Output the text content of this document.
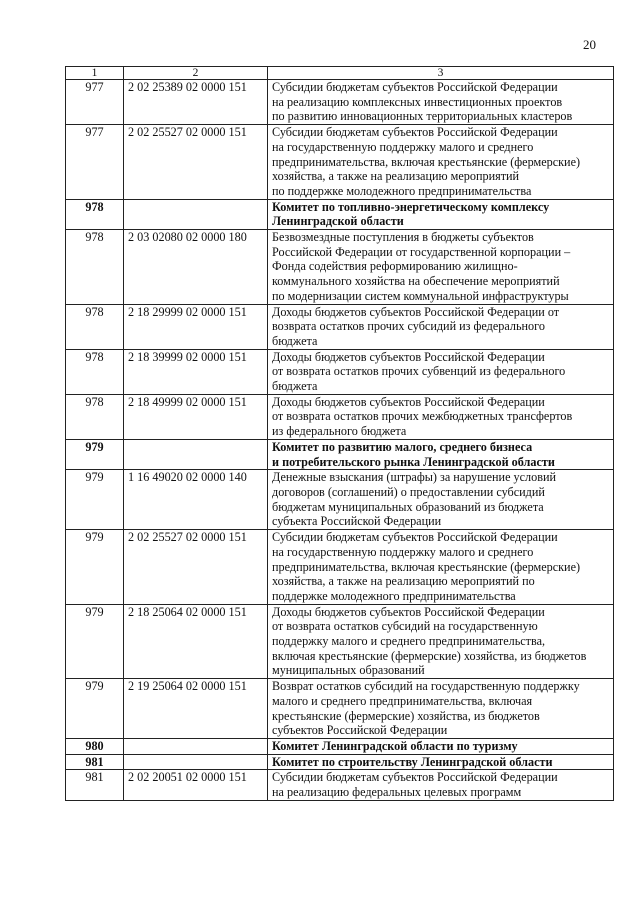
20
1	2	3
977	2 02 25389 02 0000 151	Субсидии бюджетам субъектов Российской Федерации
на реализацию комплексных инвестиционных проектов
по развитию инновационных территориальных кластеров

977	2 02 25527 02 0000 151	Субсидии бюджетам субъектов Российской Федерации
на государственную поддержку малого и среднего
предпринимательства, включая крестьянские (фермерские)
хозяйства, а также на реализацию мероприятий
по поддержке молодежного предпринимательства

978		Комитет по топливно-энергетическому комплексу
Ленинградской области

978	2 03 02080 02 0000 180	Безвозмездные поступления в бюджеты субъектов
Российской Федерации от государственной корпорации –
Фонда содействия реформированию жилищно-
коммунального хозяйства на обеспечение мероприятий
по модернизации систем коммунальной инфраструктуры

978	2 18 29999 02 0000 151	Доходы бюджетов субъектов Российской Федерации от
возврата остатков прочих субсидий из федерального
бюджета

978	2 18 39999 02 0000 151	Доходы бюджетов субъектов Российской Федерации
от возврата остатков прочих субвенций из федерального
бюджета

978	2 18 49999 02 0000 151	Доходы бюджетов субъектов Российской Федерации
от возврата остатков прочих межбюджетных трансфертов
из федерального бюджета

979		Комитет по развитию малого, среднего бизнеса
и потребительского рынка Ленинградской области

979	1 16 49020 02 0000 140	Денежные взыскания (штрафы) за нарушение условий
договоров (соглашений) о предоставлении субсидий
бюджетам муниципальных образований из бюджета
субъекта Российской Федерации

979	2 02 25527 02 0000 151	Субсидии бюджетам субъектов Российской Федерации
на государственную поддержку малого и среднего
предпринимательства, включая крестьянские (фермерские)
хозяйства, а также на реализацию мероприятий по
поддержке молодежного предпринимательства

979	2 18 25064 02 0000 151	Доходы бюджетов субъектов Российской Федерации
от возврата остатков субсидий на государственную
поддержку малого и среднего предпринимательства,
включая крестьянские (фермерские) хозяйства, из бюджетов
муниципальных образований

979	2 19 25064 02 0000 151	Возврат остатков субсидий на государственную поддержку
малого и среднего предпринимательства, включая
крестьянские (фермерские) хозяйства, из бюджетов
субъектов Российской Федерации

980		Комитет Ленинградской области по туризму

981		Комитет по строительству Ленинградской области

981	2 02 20051 02 0000 151	Субсидии бюджетам субъектов Российской Федерации
на реализацию федеральных целевых программ
